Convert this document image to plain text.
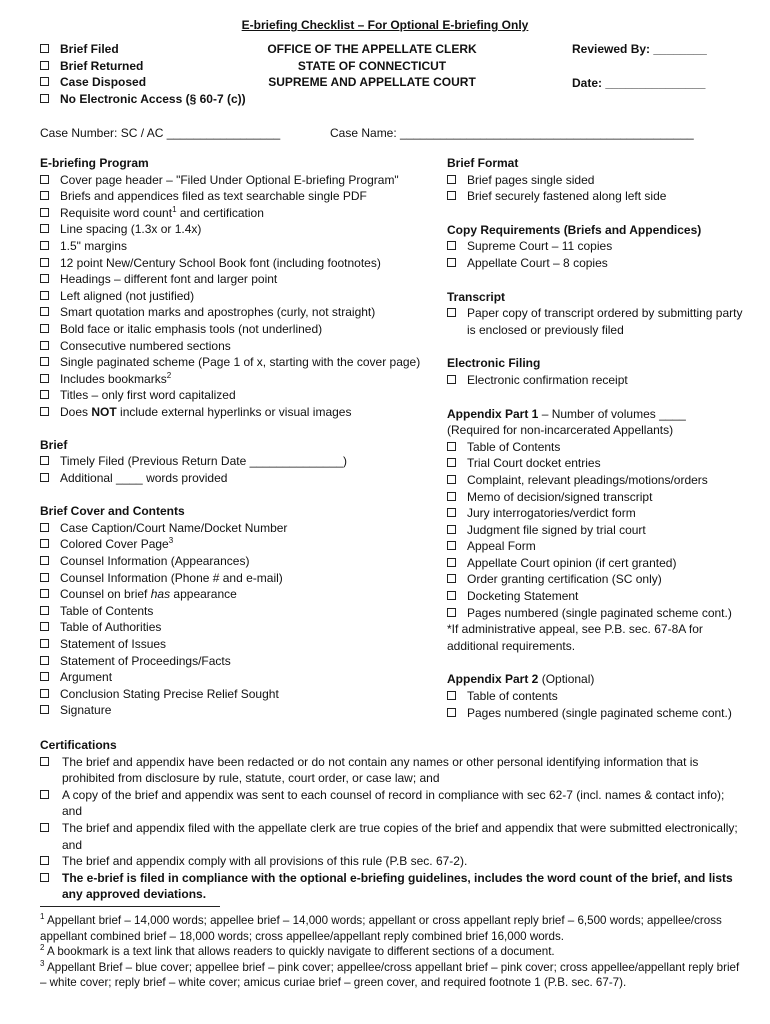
E-briefing Checklist – For Optional E-briefing Only
Brief Filed
Brief Returned
Case Disposed
No Electronic Access (§ 60-7 (c))
OFFICE OF THE APPELLATE CLERK
STATE OF CONNECTICUT
SUPREME AND APPELLATE COURT
Reviewed By: ________
Date: _______________
Case Number: SC / AC _________________	Case Name: ____________________________________________
E-briefing Program
Cover page header – "Filed Under Optional E-briefing Program"
Briefs and appendices filed as text searchable single PDF
Requisite word count$^1$ and certification
Line spacing (1.3x or 1.4x)
1.5" margins
12 point New/Century School Book font (including footnotes)
Headings – different font and larger point
Left aligned (not justified)
Smart quotation marks and apostrophes (curly, not straight)
Bold face or italic emphasis tools (not underlined)
Consecutive numbered sections
Single paginated scheme (Page 1 of x, starting with the cover page)
Includes bookmarks$^2$
Titles – only first word capitalized
Does NOT include external hyperlinks or visual images
Brief
Timely Filed (Previous Return Date ______________)
Additional ____ words provided
Brief Cover and Contents
Case Caption/Court Name/Docket Number
Colored Cover Page$^3$
Counsel Information (Appearances)
Counsel Information (Phone # and e-mail)
Counsel on brief has appearance
Table of Contents
Table of Authorities
Statement of Issues
Statement of Proceedings/Facts
Argument
Conclusion Stating Precise Relief Sought
Signature
Brief Format
Brief pages single sided
Brief securely fastened along left side
Copy Requirements (Briefs and Appendices)
Supreme Court – 11 copies
Appellate Court – 8 copies
Transcript
Paper copy of transcript ordered by submitting party is enclosed or previously filed
Electronic Filing
Electronic confirmation receipt
Appendix Part 1 – Number of volumes ____
(Required for non-incarcerated Appellants)
Table of Contents
Trial Court docket entries
Complaint, relevant pleadings/motions/orders
Memo of decision/signed transcript
Jury interrogatories/verdict form
Judgment file signed by trial court
Appeal Form
Appellate Court opinion (if cert granted)
Order granting certification (SC only)
Docketing Statement
Pages numbered (single paginated scheme cont.)
*If administrative appeal, see P.B. sec. 67-8A for additional requirements.
Appendix Part 2 (Optional)
Table of contents
Pages numbered (single paginated scheme cont.)
Certifications
The brief and appendix have been redacted or do not contain any names or other personal identifying information that is prohibited from disclosure by rule, statute, court order, or case law; and
A copy of the brief and appendix was sent to each counsel of record in compliance with sec 62-7 (incl. names & contact info); and
The brief and appendix filed with the appellate clerk are true copies of the brief and appendix that were submitted electronically; and
The brief and appendix comply with all provisions of this rule (P.B sec. 67-2).
The e-brief is filed in compliance with the optional e-briefing guidelines, includes the word count of the brief, and lists any approved deviations.
$^1$ Appellant brief – 14,000 words; appellee brief – 14,000 words; appellant or cross appellant reply brief – 6,500 words; appellee/cross appellant combined brief – 18,000 words; cross appellee/appellant reply combined brief 16,000 words.
$^2$ A bookmark is a text link that allows readers to quickly navigate to different sections of a document.
$^3$ Appellant Brief – blue cover; appellee brief – pink cover; appellee/cross appellant brief – pink cover; cross appellee/appellant reply brief – white cover; reply brief – white cover; amicus curiae brief – green cover, and required footnote 1 (P.B. sec. 67-7).
